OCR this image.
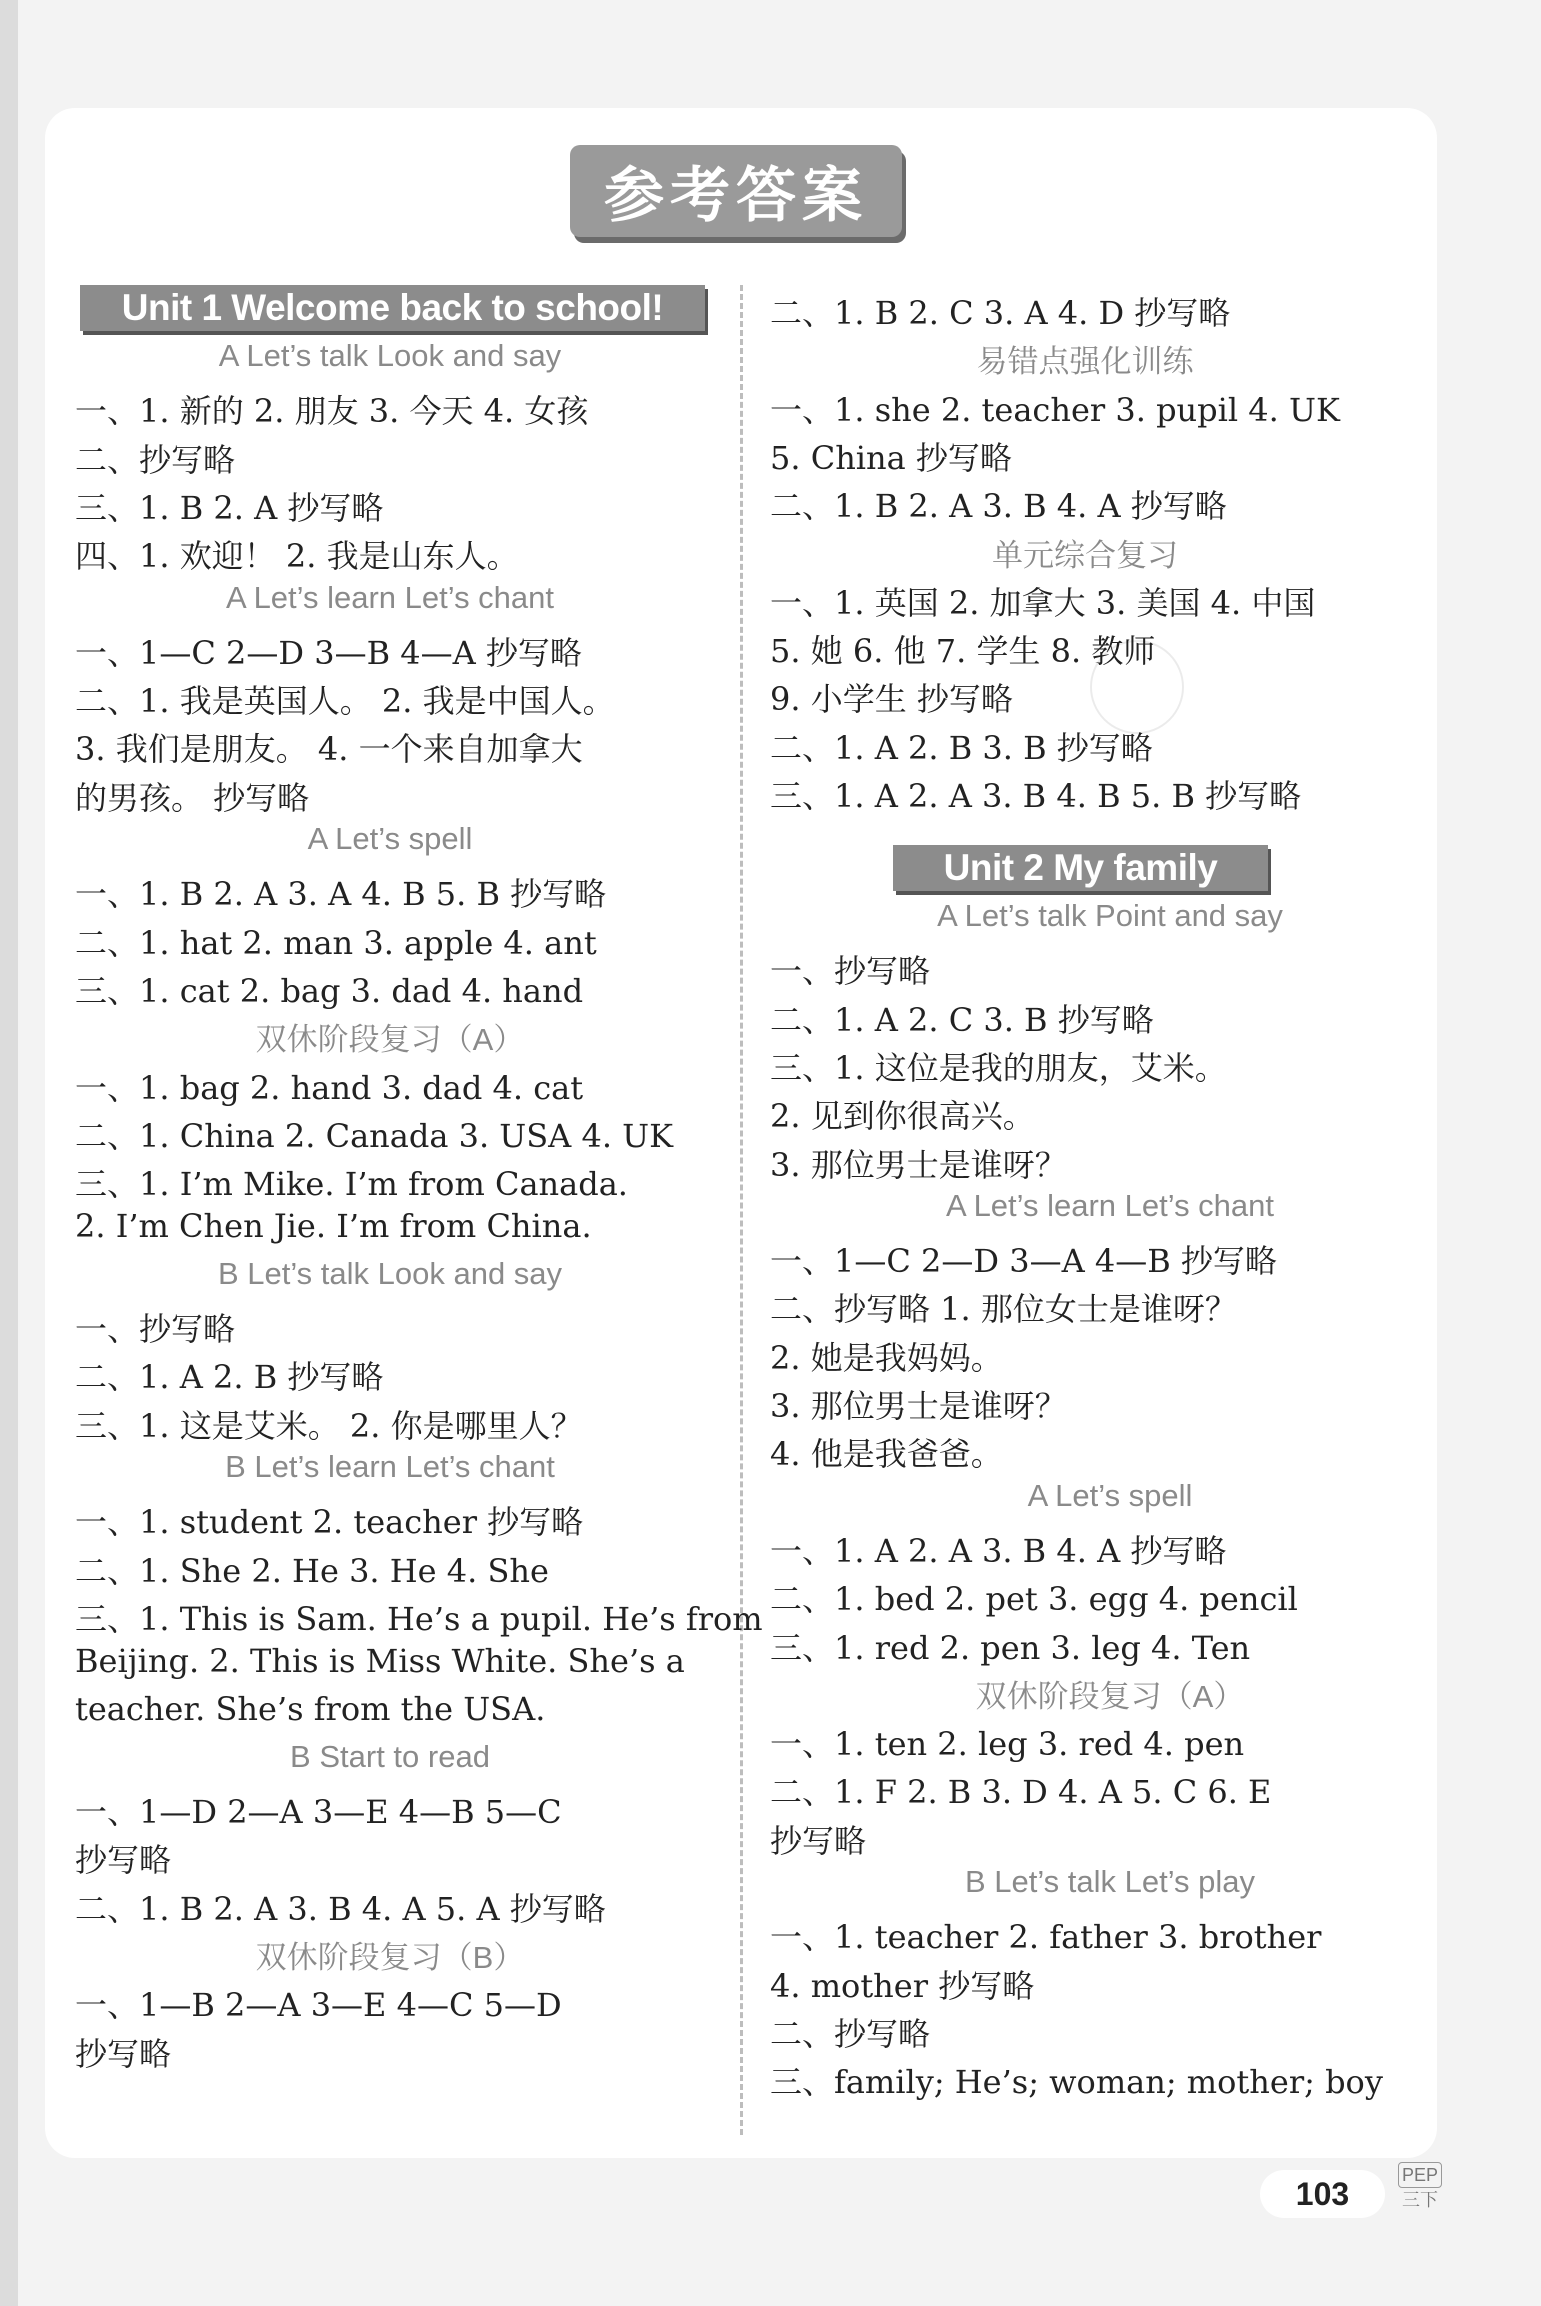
参考答案
Unit 1 Welcome back to school!
A Let’s talk Look and say
一、1. 新的 2. 朋友 3. 今天 4. 女孩
二、抄写略
三、1. B 2. A 抄写略
四、1. 欢迎！ 2. 我是山东人。
A Let’s learn Let’s chant
一、1—C 2—D 3—B 4—A 抄写略
二、1. 我是英国人。 2. 我是中国人。
3. 我们是朋友。 4. 一个来自加拿大
的男孩。 抄写略
A Let’s spell
一、1. B 2. A 3. A 4. B 5. B 抄写略
二、1. hat 2. man 3. apple 4. ant
三、1. cat 2. bag 3. dad 4. hand
双休阶段复习（A）
一、1. bag 2. hand 3. dad 4. cat
二、1. China 2. Canada 3. USA 4. UK
三、1. I’m Mike. I’m from Canada.
2. I’m Chen Jie. I’m from China.
B Let’s talk Look and say
一、抄写略
二、1. A 2. B 抄写略
三、1. 这是艾米。 2. 你是哪里人？
B Let’s learn Let’s chant
一、1. student 2. teacher 抄写略
二、1. She 2. He 3. He 4. She
三、1. This is Sam. He’s a pupil. He’s from
Beijing. 2. This is Miss White. She’s a
teacher. She’s from the USA.
B Start to read
一、1—D 2—A 3—E 4—B 5—C
抄写略
二、1. B 2. A 3. B 4. A 5. A 抄写略
双休阶段复习（B）
一、1—B 2—A 3—E 4—C 5—D
抄写略
二、1. B 2. C 3. A 4. D 抄写略
易错点强化训练
一、1. she 2. teacher 3. pupil 4. UK
5. China 抄写略
二、1. B 2. A 3. B 4. A 抄写略
单元综合复习
一、1. 英国 2. 加拿大 3. 美国 4. 中国
5. 她 6. 他 7. 学生 8. 教师
9. 小学生 抄写略
二、1. A 2. B 3. B 抄写略
三、1. A 2. A 3. B 4. B 5. B 抄写略
Unit 2 My family
A Let’s talk Point and say
一、抄写略
二、1. A 2. C 3. B 抄写略
三、1. 这位是我的朋友，艾米。
2. 见到你很高兴。
3. 那位男士是谁呀？
A Let’s learn Let’s chant
一、1—C 2—D 3—A 4—B 抄写略
二、抄写略 1. 那位女士是谁呀？
2. 她是我妈妈。
3. 那位男士是谁呀？
4. 他是我爸爸。
A Let’s spell
一、1. A 2. A 3. B 4. A 抄写略
二、1. bed 2. pet 3. egg 4. pencil
三、1. red 2. pen 3. leg 4. Ten
双休阶段复习（A）
一、1. ten 2. leg 3. red 4. pen
二、1. F 2. B 3. D 4. A 5. C 6. E
抄写略
B Let’s talk Let’s play
一、1. teacher 2. father 3. brother
4. mother 抄写略
二、抄写略
三、family; He’s; woman; mother; boy
103
PEP
三下
